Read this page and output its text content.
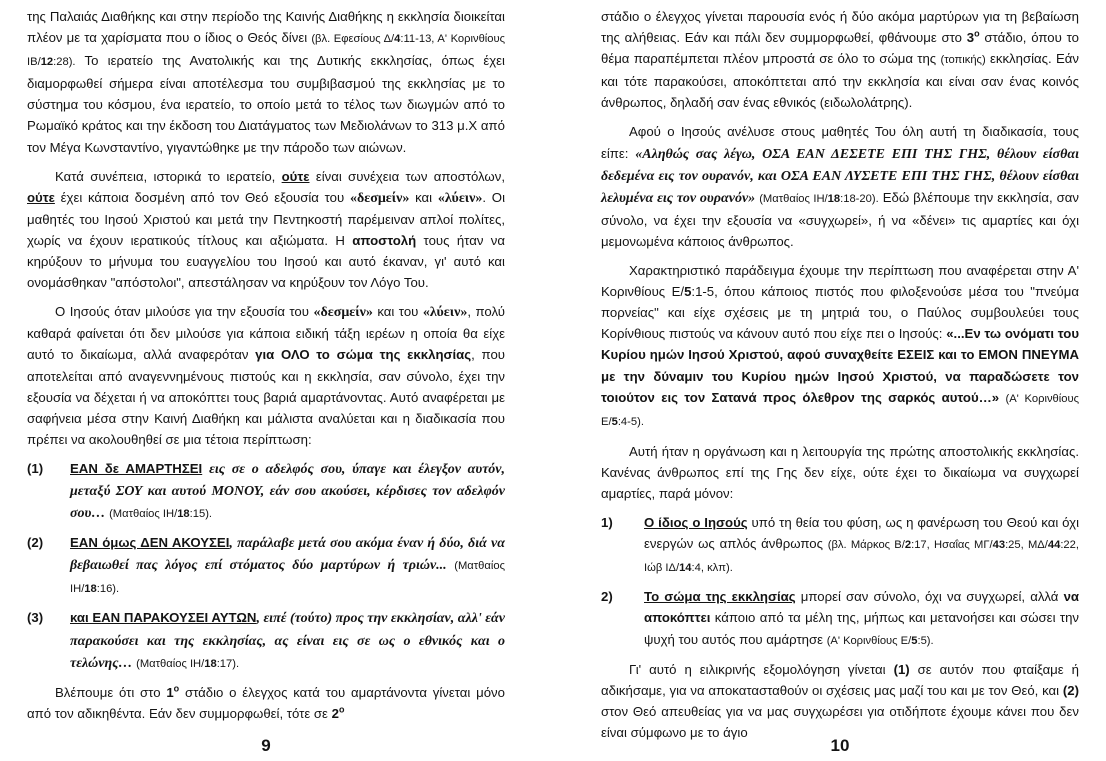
της Παλαιάς Διαθήκης και στην περίοδο της Καινής Διαθήκης η εκκλησία διοικείται πλέον με τα χαρίσματα που ο ίδιος ο Θεός δίνει (βλ. Εφεσίους Δ/4:11-13, Α' Κορινθίους ΙΒ/12:28). Το ιερατείο της Ανατολικής και της Δυτικής εκκλησίας, όπως έχει διαμορφωθεί σήμερα είναι αποτέλεσμα του συμβιβασμού της εκκλησίας με το σύστημα του κόσμου, ένα ιερατείο, το οποίο μετά το τέλος των διωγμών από το Ρωμαϊκό κράτος και την έκδοση του Διατάγματος των Μεδιολάνων το 313 μ.Χ από τον Μέγα Κωνσταντίνο, γιγαντώθηκε με την πάροδο των αιώνων.

Κατά συνέπεια, ιστορικά το ιερατείο, ούτε είναι συνέχεια των αποστόλων, ούτε έχει κάποια δοσμένη από τον Θεό εξουσία του «δεσμείν» και «λύειν». Οι μαθητές του Ιησού Χριστού και μετά την Πεντηκοστή παρέμειναν απλοί πολίτες, χωρίς να έχουν ιερατικούς τίτλους και αξιώματα. Η αποστολή τους ήταν να κηρύξουν το μήνυμα του ευαγγελίου του Ιησού και αυτό έκαναν, γι' αυτό και ονομάσθηκαν "απόστολοι", απεστάλησαν να κηρύξουν τον Λόγο Του.

Ο Ιησούς όταν μιλούσε για την εξουσία του «δεσμείν» και του «λύειν», πολύ καθαρά φαίνεται ότι δεν μιλούσε για κάποια ειδική τάξη ιερέων η οποία θα είχε αυτό το δικαίωμα, αλλά αναφερόταν για ΟΛΟ το σώμα της εκκλησίας, που αποτελείται από αναγεννημένους πιστούς και η εκκλησία, σαν σύνολο, έχει την εξουσία να δέχεται ή να αποκόπτει τους βαριά αμαρτάνοντας. Αυτό αναφέρεται με σαφήνεια μέσα στην Καινή Διαθήκη και μάλιστα αναλύεται και η διαδικασία που πρέπει να ακολουθηθεί σε μια τέτοια περίπτωση:

(1)	ΕΑΝ δε ΑΜΑΡΤΗΣΕΙ εις σε ο αδελφός σου, ύπαγε και έλεγξον αυτόν, μεταξύ ΣΟΥ και αυτού ΜΟΝΟΥ, εάν σου ακούσει, κέρδισες τον αδελφόν σου… (Ματθαίος ΙΗ/18:15).
(2)	ΕΑΝ όμως ΔΕΝ ΑΚΟΥΣΕΙ, παράλαβε μετά σου ακόμα έναν ή δύο, διά να βεβαιωθεί πας λόγος επί στόματος δύο μαρτύρων ή τριών... (Ματθαίος ΙΗ/18:16).
(3)	και ΕΑΝ ΠΑΡΑΚΟΥΣΕΙ ΑΥΤΩΝ, ειπέ (τούτο) προς την εκκλησίαν, αλλ' εάν παρακούσει και της εκκλησίας, ας είναι εις σε ως ο εθνικός και ο τελώνης… (Ματθαίος ΙΗ/18:17).

Βλέπουμε ότι στο $1^o$ στάδιο ο έλεγχος κατά του αμαρτάνοντα γίνεται μόνο από τον αδικηθέντα. Εάν δεν συμμορφωθεί, τότε σε $2^o$

9

στάδιο ο έλεγχος γίνεται παρουσία ενός ή δύο ακόμα μαρτύρων για τη βεβαίωση της αλήθειας. Εάν και πάλι δεν συμμορφωθεί, φθάνουμε στο $3^o$ στάδιο, όπου το θέμα παραπέμπεται πλέον μπροστά σε όλο το σώμα της (τοπικής) εκκλησίας. Εάν και τότε παρακούσει, αποκόπτεται από την εκκλησία και είναι σαν ένας κοινός άνθρωπος, δηλαδή σαν ένας εθνικός (ειδωλολάτρης).

Αφού ο Ιησούς ανέλυσε στους μαθητές Του όλη αυτή τη διαδικασία, τους είπε: «Αληθώς σας λέγω, ΟΣΑ ΕΑΝ ΔΕΣΕΤΕ ΕΠΙ ΤΗΣ ΓΗΣ, θέλουν είσθαι δεδεμένα εις τον ουρανόν, και ΟΣΑ ΕΑΝ ΛΥΣΕΤΕ ΕΠΙ ΤΗΣ ΓΗΣ, θέλουν είσθαι λελυμένα εις τον ουρανόν» (Ματθαίος ΙΗ/18:18-20). Εδώ βλέπουμε την εκκλησία, σαν σύνολο, να έχει την εξουσία να «συγχωρεί», ή να «δένει» τις αμαρτίες και όχι μεμονωμένα κάποιος άνθρωπος.

Χαρακτηριστικό παράδειγμα έχουμε την περίπτωση που αναφέρεται στην Α' Κορινθίους Ε/5:1-5, όπου κάποιος πιστός που φιλοξενούσε μέσα του "πνεύμα πορνείας" και είχε σχέσεις με τη μητριά του, ο Παύλος συμβουλεύει τους Κορίνθιους πιστούς να κάνουν αυτό που είχε πει ο Ιησούς: «...Εν τω ονόματι του Κυρίου ημών Ιησού Χριστού, αφού συναχθείτε ΕΣΕΙΣ και το ΕΜΟΝ ΠΝΕΥΜΑ με την δύναμιν του Κυρίου ημών Ιησού Χριστού, να παραδώσετε τον τοιούτον εις τον Σατανά προς όλεθρον της σαρκός αυτού…» (Α' Κορινθίους Ε/5:4-5).

Αυτή ήταν η οργάνωση και η λειτουργία της πρώτης αποστολικής εκκλησίας. Κανένας άνθρωπος επί της Γης δεν είχε, ούτε έχει το δικαίωμα να συγχωρεί αμαρτίες, παρά μόνον:

1)	Ο ίδιος ο Ιησούς υπό τη θεία του φύση, ως η φανέρωση του Θεού και όχι ενεργών ως απλός άνθρωπος (βλ. Μάρκος Β/2:17, Ησαΐας ΜΓ/43:25, ΜΔ/44:22, Ιώβ ΙΔ/14:4, κλπ).
2)	Το σώμα της εκκλησίας μπορεί σαν σύνολο, όχι να συγχωρεί, αλλά να αποκόπτει κάποιο από τα μέλη της, μήπως και μετανοήσει και σώσει την ψυχή του αυτός που αμάρτησε (Α' Κορινθίους Ε/5:5).

Γι' αυτό η ειλικρινής εξομολόγηση γίνεται (1) σε αυτόν που φταίξαμε ή αδικήσαμε, για να αποκατασταθούν οι σχέσεις μας μαζί του και με τον Θεό, και (2) στον Θεό απευθείας για να μας συγχωρέσει για οτιδήποτε έχουμε κάνει που δεν είναι σύμφωνο με το άγιο

10
